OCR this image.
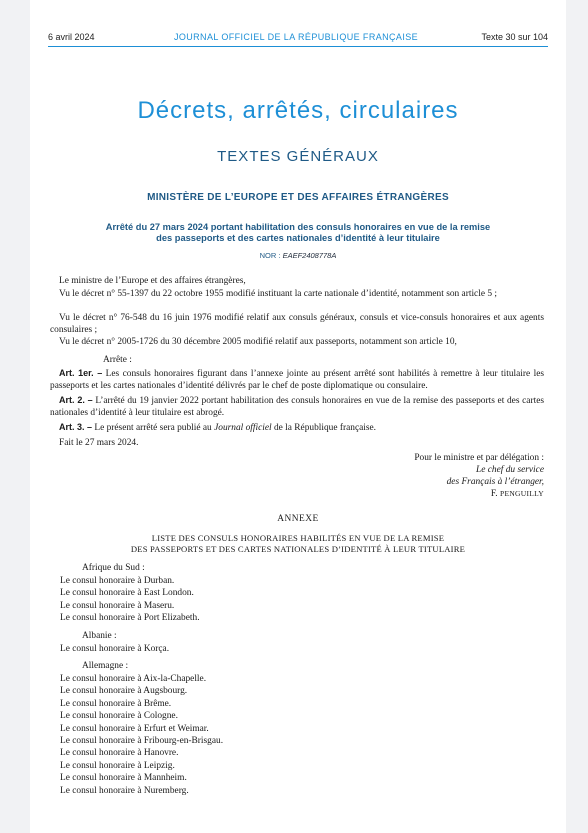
6 avril 2024	JOURNAL OFFICIEL DE LA RÉPUBLIQUE FRANÇAISE	Texte 30 sur 104
Décrets, arrêtés, circulaires
TEXTES GÉNÉRAUX
MINISTÈRE DE L’EUROPE ET DES AFFAIRES ÉTRANGÈRES
Arrêté du 27 mars 2024 portant habilitation des consuls honoraires en vue de la remise
des passeports et des cartes nationales d’identité à leur titulaire
NOR : EAEF2408778A
Le ministre de l’Europe et des affaires étrangères,
Vu le décret n° 55-1397 du 22 octobre 1955 modifié instituant la carte nationale d’identité, notamment son article 5 ;
Vu le décret n° 76-548 du 16 juin 1976 modifié relatif aux consuls généraux, consuls et vice-consuls honoraires et aux agents consulaires ;
Vu le décret n° 2005-1726 du 30 décembre 2005 modifié relatif aux passeports, notamment son article 10,
Arrête :
Art. 1er. – Les consuls honoraires figurant dans l’annexe jointe au présent arrêté sont habilités à remettre à leur titulaire les passeports et les cartes nationales d’identité délivrés par le chef de poste diplomatique ou consulaire.
Art. 2. – L’arrêté du 19 janvier 2022 portant habilitation des consuls honoraires en vue de la remise des passeports et des cartes nationales d’identité à leur titulaire est abrogé.
Art. 3. – Le présent arrêté sera publié au Journal officiel de la République française.
Fait le 27 mars 2024.
Pour le ministre et par délégation :
Le chef du service
des Français à l’étranger,
F. PENGUILLY
ANNEXE
LISTE DES CONSULS HONORAIRES HABILITÉS EN VUE DE LA REMISE
DES PASSEPORTS ET DES CARTES NATIONALES D’IDENTITÉ À LEUR TITULAIRE
Afrique du Sud :
Le consul honoraire à Durban.
Le consul honoraire à East London.
Le consul honoraire à Maseru.
Le consul honoraire à Port Elizabeth.
Albanie :
Le consul honoraire à Korça.
Allemagne :
Le consul honoraire à Aix-la-Chapelle.
Le consul honoraire à Augsbourg.
Le consul honoraire à Brême.
Le consul honoraire à Cologne.
Le consul honoraire à Erfurt et Weimar.
Le consul honoraire à Fribourg-en-Brisgau.
Le consul honoraire à Hanovre.
Le consul honoraire à Leipzig.
Le consul honoraire à Mannheim.
Le consul honoraire à Nuremberg.
